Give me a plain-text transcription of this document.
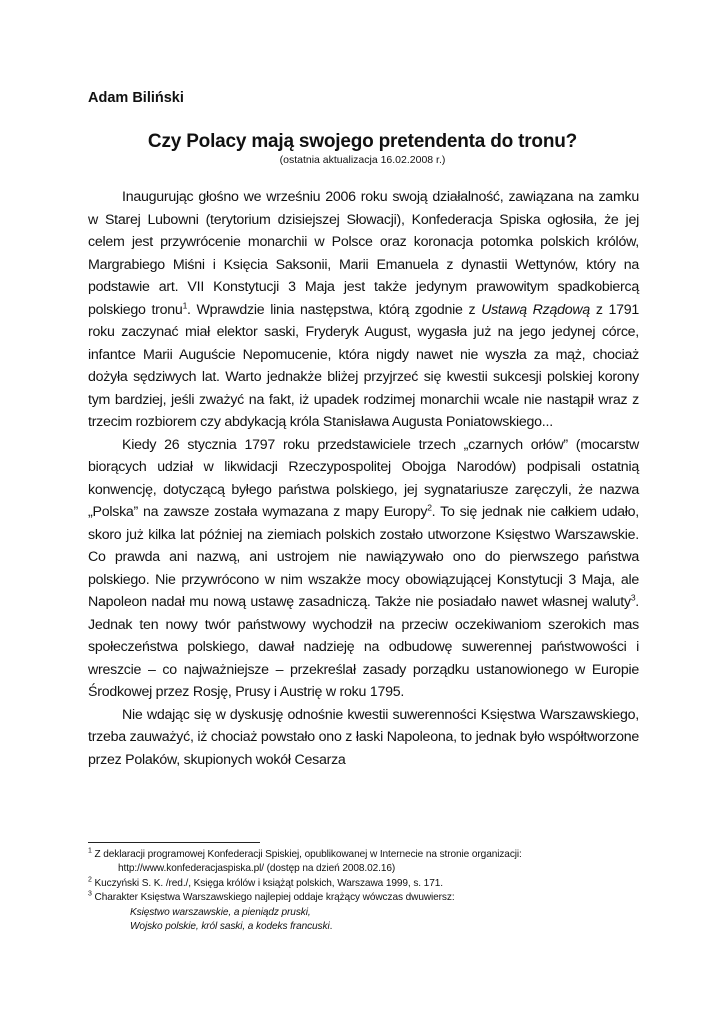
Adam Biliński
Czy Polacy mają swojego pretendenta do tronu?
(ostatnia aktualizacja 16.02.2008 r.)

Inaugurując głośno we wrześniu 2006 roku swoją działalność, zawiązana na zamku w Starej Lubowni (terytorium dzisiejszej Słowacji), Konfederacja Spiska ogłosiła, że jej celem jest przywrócenie monarchii w Polsce oraz koronacja potomka polskich królów, Margrabiego Miśni i Księcia Saksonii, Marii Emanuela z dynastii Wettynów, który na podstawie art. VII Konstytucji 3 Maja jest także jedynym prawowitym spadkobiercą polskiego tronu$^1$. Wprawdzie linia następstwa, którą zgodnie z Ustawą Rządową z 1791 roku zaczynać miał elektor saski, Fryderyk August, wygasła już na jego jedynej córce, infantce Marii Auguście Nepomucenie, która nigdy nawet nie wyszła za mąż, chociaż dożyła sędziwych lat. Warto jednakże bliżej przyjrzeć się kwestii sukcesji polskiej korony tym bardziej, jeśli zważyć na fakt, iż upadek rodzimej monarchii wcale nie nastąpił wraz z trzecim rozbiorem czy abdykacją króla Stanisława Augusta Poniatowskiego...

Kiedy 26 stycznia 1797 roku przedstawiciele trzech „czarnych orłów” (mocarstw biorących udział w likwidacji Rzeczypospolitej Obojga Narodów) podpisali ostatnią konwencję, dotyczącą byłego państwa polskiego, jej sygnatariusze zaręczyli, że nazwa „Polska” na zawsze została wymazana z mapy Europy$^2$. To się jednak nie całkiem udało, skoro już kilka lat później na ziemiach polskich zostało utworzone Księstwo Warszawskie. Co prawda ani nazwą, ani ustrojem nie nawiązywało ono do pierwszego państwa polskiego. Nie przywrócono w nim wszakże mocy obowiązującej Konstytucji 3 Maja, ale Napoleon nadał mu nową ustawę zasadniczą. Także nie posiadało nawet własnej waluty$^3$. Jednak ten nowy twór państwowy wychodził na przeciw oczekiwaniom szerokich mas społeczeństwa polskiego, dawał nadzieję na odbudowę suwerennej państwowości i wreszcie – co najważniejsze – przekreślał zasady porządku ustanowionego w Europie Środkowej przez Rosję, Prusy i Austrię w roku 1795.

Nie wdając się w dyskusję odnośnie kwestii suwerenności Księstwa Warszawskiego, trzeba zauważyć, iż chociaż powstało ono z łaski Napoleona, to jednak było współtworzone przez Polaków, skupionych wokół Cesarza

$^1$ Z deklaracji programowej Konfederacji Spiskiej, opublikowanej w Internecie na stronie organizacji:
http://www.konfederacjaspiska.pl/ (dostęp na dzień 2008.02.16)
$^2$ Kuczyński S. K. /red./, Księga królów i książąt polskich, Warszawa 1999, s. 171.
$^3$ Charakter Księstwa Warszawskiego najlepiej oddaje krążący wówczas dwuwiersz:
Księstwo warszawskie, a pieniądz pruski,
Wojsko polskie, król saski, a kodeks francuski.
